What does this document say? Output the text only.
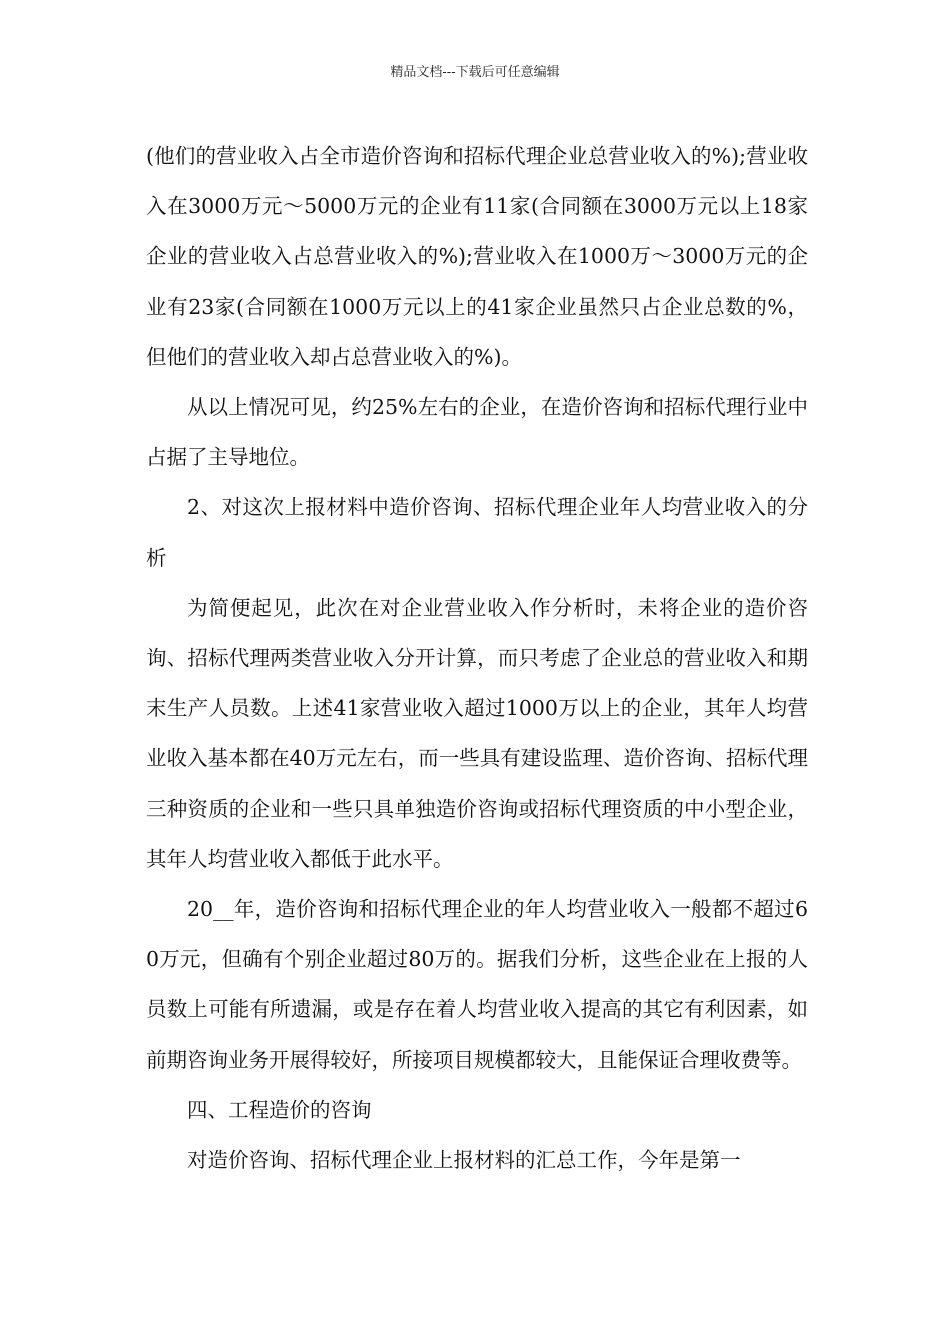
精品文档---下载后可任意编辑

(他们的营业收入占全市造价咨询和招标代理企业总营业收入的%);营业收入在3000万元～5000万元的企业有11家(合同额在3000万元以上18家企业的营业收入占总营业收入的%);营业收入在1000万～3000万元的企业有23家(合同额在1000万元以上的41家企业虽然只占企业总数的%，但他们的营业收入却占总营业收入的%)。

从以上情况可见，约25%左右的企业，在造价咨询和招标代理行业中占据了主导地位。

2、对这次上报材料中造价咨询、招标代理企业年人均营业收入的分析

为简便起见，此次在对企业营业收入作分析时，未将企业的造价咨询、招标代理两类营业收入分开计算，而只考虑了企业总的营业收入和期末生产人员数。上述41家营业收入超过1000万以上的企业，其年人均营业收入基本都在40万元左右，而一些具有建设监理、造价咨询、招标代理三种资质的企业和一些只具单独造价咨询或招标代理资质的中小型企业，其年人均营业收入都低于此水平。

20__年，造价咨询和招标代理企业的年人均营业收入一般都不超过60万元，但确有个别企业超过80万的。据我们分析，这些企业在上报的人员数上可能有所遗漏，或是存在着人均营业收入提高的其它有利因素，如前期咨询业务开展得较好，所接项目规模都较大，且能保证合理收费等。

四、工程造价的咨询

对造价咨询、招标代理企业上报材料的汇总工作，今年是第一
